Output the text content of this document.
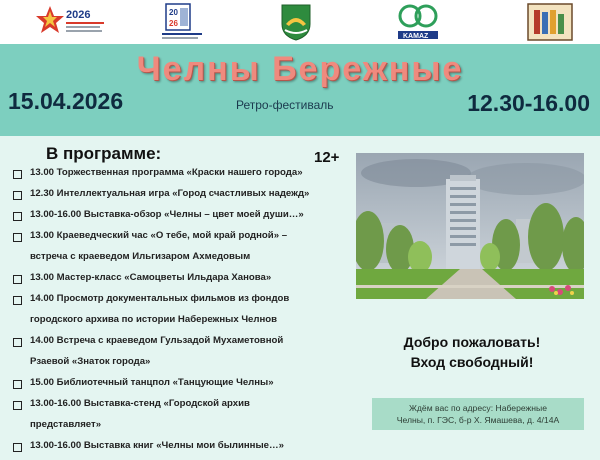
2026	20
26
KAMAZ
Челны Бережные
15.04.2026	Ретро-фестиваль	12.30-16.00
В программе:	12+
13.00 Торжественная программа «Краски нашего города»
12.30 Интеллектуальная игра «Город счастливых надежд»
13.00-16.00 Выставка-обзор «Челны – цвет моей души…»
13.00 Краеведческий час «О тебе, мой край родной» –
встреча с краеведом Ильгизаром Ахмедовым
13.00 Мастер-класс «Самоцветы Ильдара Ханова»
14.00 Просмотр документальных фильмов из фондов
городского архива по истории Набережных Челнов
14.00 Встреча с краеведом Гульзадой Мухаметовной
Рзаевой «Знаток города»
15.00 Библиотечный танцпол «Танцующие Челны»
13.00-16.00 Выставка-стенд «Городской архив
представляет»
13.00-16.00 Выставка книг «Челны мои былинные…»
Добро пожаловать!
Вход свободный!
Ждём вас по адресу: Набережные
Челны, п. ГЭС, б-р Х. Ямашева, д. 4/14А
